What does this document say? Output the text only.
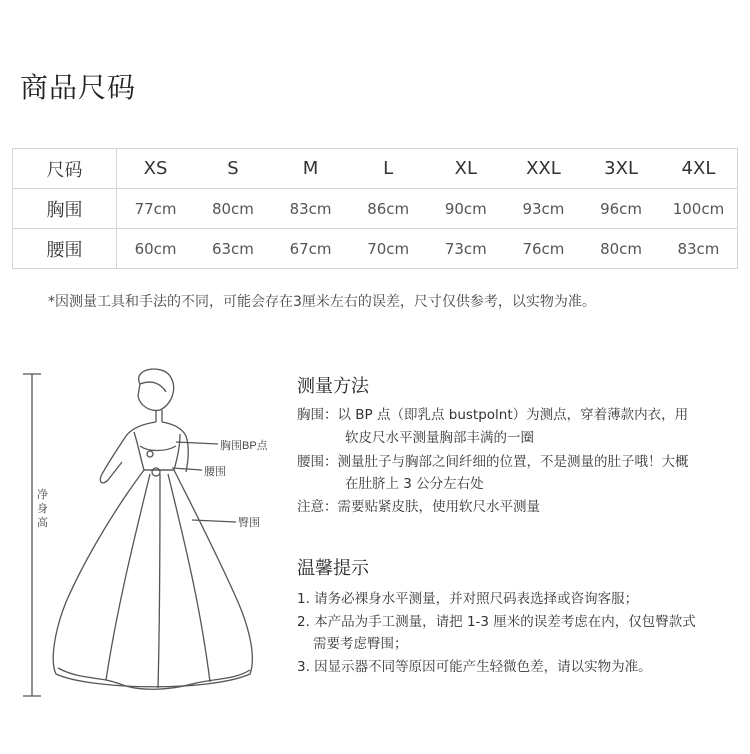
商品尺码
尺码	XS	S	M	L	XL	XXL	3XL	4XL
胸围	77cm	80cm	83cm	86cm	90cm	93cm	96cm	100cm
腰围	60cm	63cm	67cm	70cm	73cm	76cm	80cm	83cm
*因测量工具和手法的不同，可能会存在3厘米左右的误差，尺寸仅供参考，以实物为准。
胸围BP点
腰围
臀围
净
身
高
测量方法
胸围：以 BP 点（即乳点 bustpolnt）为测点，穿着薄款内衣，用
软皮尺水平测量胸部丰满的一圈
腰围：测量肚子与胸部之间纤细的位置，不是测量的肚子哦！大概
在肚脐上 3 公分左右处
注意：需要贴紧皮肤，使用软尺水平测量
温馨提示
1. 请务必裸身水平测量，并对照尺码表选择或咨询客服；
2. 本产品为手工测量，请把 1-3 厘米的误差考虑在内，仅包臀款式
需要考虑臀围；
3. 因显示器不同等原因可能产生轻微色差，请以实物为准。
